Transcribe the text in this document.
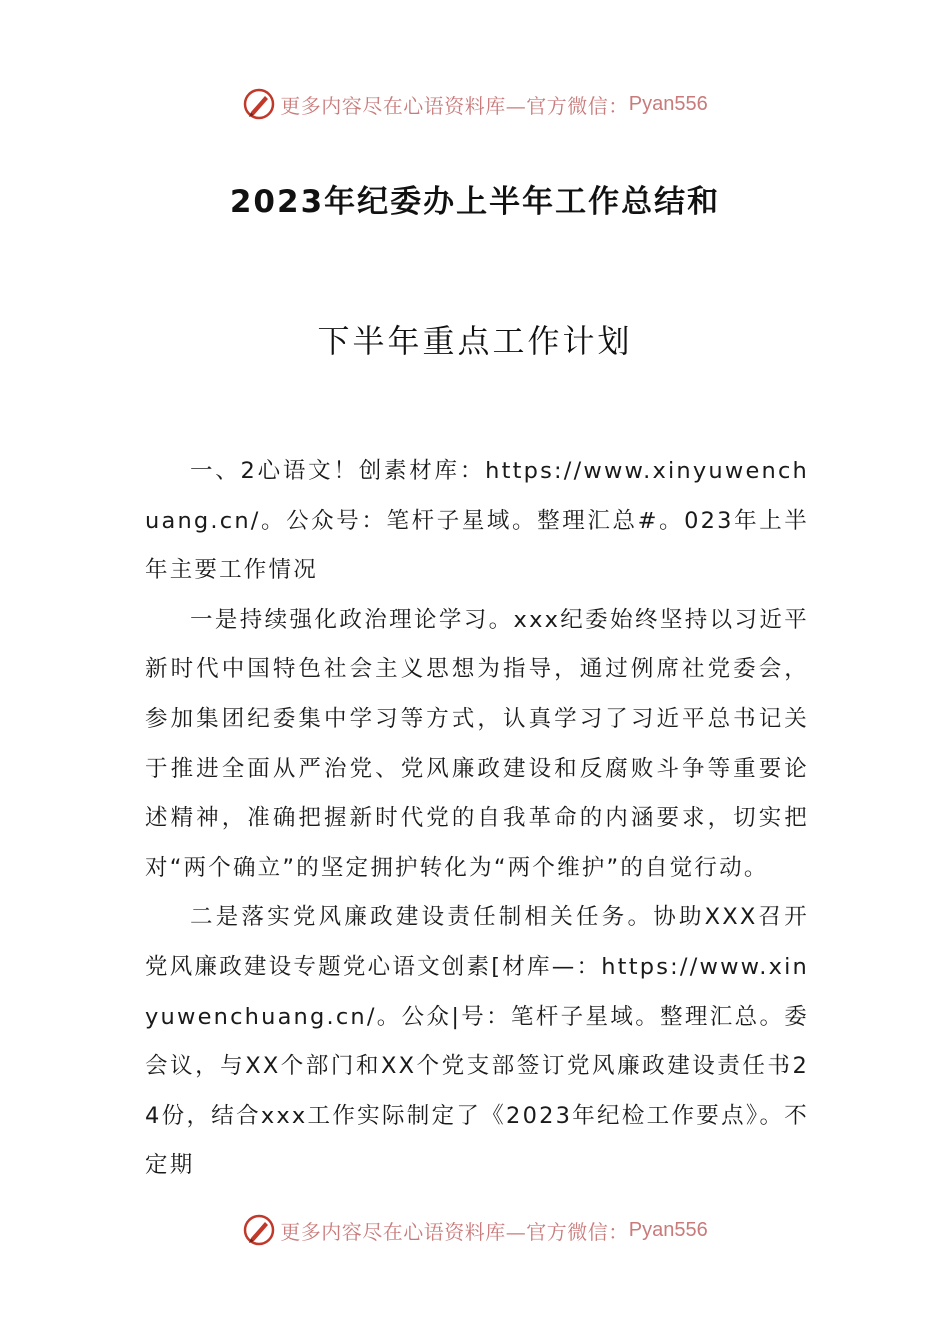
更多内容尽在心语资料库—官方微信： Pyan556
2023年纪委办上半年工作总结和
下半年重点工作计划

一、2心语文！创素材库：https://www.xinyuwenchuang.cn/。公众号：笔杆子星域。整理汇总#。023年上半年主要工作情况

一是持续强化政治理论学习。xxx纪委始终坚持以习近平新时代中国特色社会主义思想为指导，通过例席社党委会，参加集团纪委集中学习等方式，认真学习了习近平总书记关于推进全面从严治党、党风廉政建设和反腐败斗争等重要论述精神，准确把握新时代党的自我革命的内涵要求，切实把对“两个确立”的坚定拥护转化为“两个维护”的自觉行动。

二是落实党风廉政建设责任制相关任务。协助XXX召开党风廉政建设专题党心语文创素[材库—：https://www.xinyuwenchuang.cn/。公众|号：笔杆子星域。整理汇总。委会议，与XX个部门和XX个党支部签订党风廉政建设责任书24份，结合xxx工作实际制定了《2023年纪检工作要点》。不定期

更多内容尽在心语资料库—官方微信： Pyan556
